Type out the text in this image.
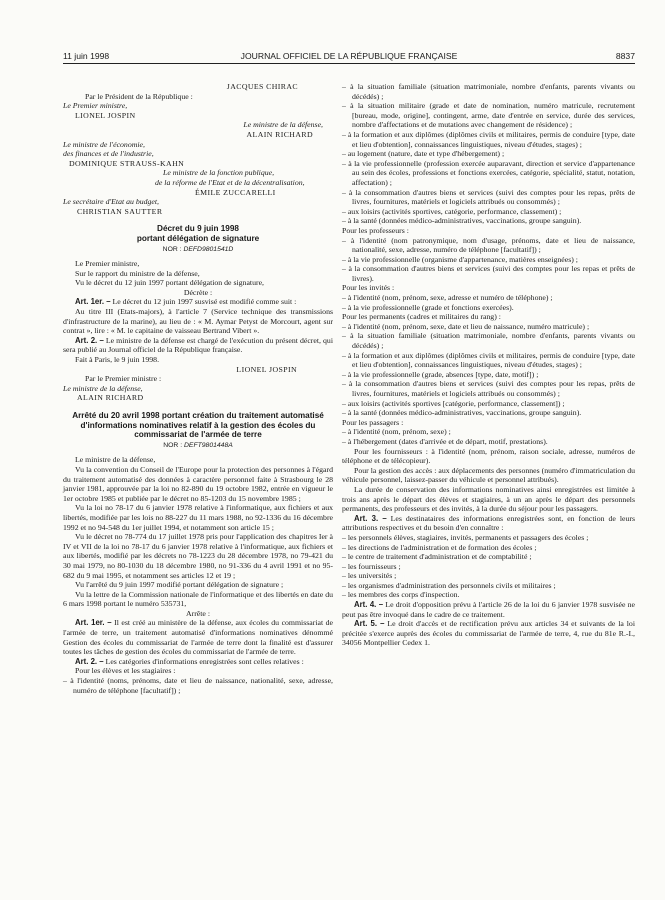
11 juin 1998	JOURNAL OFFICIEL DE LA RÉPUBLIQUE FRANÇAISE	8837

JACQUES CHIRAC

Par le Président de la République :

Le Premier ministre,

LIONEL JOSPIN

Le ministre de la défense,

ALAIN RICHARD

Le ministre de l'économie,

des finances et de l'industrie,

DOMINIQUE STRAUSS-KAHN

Le ministre de la fonction publique,

de la réforme de l'Etat et de la décentralisation,

ÉMILE ZUCCARELLI

Le secrétaire d'Etat au budget,

CHRISTIAN SAUTTER

Décret du 9 juin 1998
portant délégation de signature
NOR : DEFD9801541D

Le Premier ministre,

Sur le rapport du ministre de la défense,

Vu le décret du 12 juin 1997 portant délégation de signature,

Décrète :

Art. 1er. – Le décret du 12 juin 1997 susvisé est modifié comme suit :

Au titre III (Etats-majors), à l'article 7 (Service technique des transmissions d'infrastructure de la marine), au lieu de : « M. Aymar Petyst de Morcourt, agent sur contrat », lire : « M. le capitaine de vaisseau Bertrand Vibert ».

Art. 2. – Le ministre de la défense est chargé de l'exécution du présent décret, qui sera publié au Journal officiel de la République française.

Fait à Paris, le 9 juin 1998.

LIONEL JOSPIN

Par le Premier ministre :

Le ministre de la défense,

ALAIN RICHARD

Arrêté du 20 avril 1998 portant création du traitement automatisé d'informations nominatives relatif à la gestion des écoles du commissariat de l'armée de terre
NOR : DEFT9801448A

Le ministre de la défense,

Vu la convention du Conseil de l'Europe pour la protection des personnes à l'égard du traitement automatisé des données à caractère personnel faite à Strasbourg le 28 janvier 1981, approuvée par la loi no 82-890 du 19 octobre 1982, entrée en vigueur le 1er octobre 1985 et publiée par le décret no 85-1203 du 15 novembre 1985 ;

Vu la loi no 78-17 du 6 janvier 1978 relative à l'informatique, aux fichiers et aux libertés, modifiée par les lois no 88-227 du 11 mars 1988, no 92-1336 du 16 décembre 1992 et no 94-548 du 1er juillet 1994, et notamment son article 15 ;

Vu le décret no 78-774 du 17 juillet 1978 pris pour l'application des chapitres Ier à IV et VII de la loi no 78-17 du 6 janvier 1978 relative à l'informatique, aux fichiers et aux libertés, modifié par les décrets no 78-1223 du 28 décembre 1978, no 79-421 du 30 mai 1979, no 80-1030 du 18 décembre 1980, no 91-336 du 4 avril 1991 et no 95-682 du 9 mai 1995, et notamment ses articles 12 et 19 ;

Vu l'arrêté du 9 juin 1997 modifié portant délégation de signature ;

Vu la lettre de la Commission nationale de l'informatique et des libertés en date du 6 mars 1998 portant le numéro 535731,

Arrête :

Art. 1er. – Il est créé au ministère de la défense, aux écoles du commissariat de l'armée de terre, un traitement automatisé d'informations nominatives dénommé Gestion des écoles du commissariat de l'armée de terre dont la finalité est d'assurer toutes les tâches de gestion des écoles du commissariat de l'armée de terre.

Art. 2. – Les catégories d'informations enregistrées sont celles relatives :

Pour les élèves et les stagiaires :

– à l'identité (noms, prénoms, date et lieu de naissance, nationalité, sexe, adresse, numéro de téléphone [facultatif]) ;

– à la situation familiale (situation matrimoniale, nombre d'enfants, parents vivants ou décédés) ;

– à la situation militaire (grade et date de nomination, numéro matricule, recrutement [bureau, mode, origine], contingent, arme, date d'entrée en service, durée des services, nombre d'affectations et de mutations avec changement de résidence) ;

– à la formation et aux diplômes (diplômes civils et militaires, permis de conduire [type, date et lieu d'obtention], connaissances linguistiques, niveau d'études, stages) ;

– au logement (nature, date et type d'hébergement) ;

– à la vie professionnelle (profession exercée auparavant, direction et service d'appartenance au sein des écoles, professions et fonctions exercées, catégorie, spécialité, statut, notation, affectation) ;

– à la consommation d'autres biens et services (suivi des comptes pour les repas, prêts de livres, fournitures, matériels et logiciels attribués ou consommés) ;

– aux loisirs (activités sportives, catégorie, performance, classement) ;

– à la santé (données médico-administratives, vaccinations, groupe sanguin).

Pour les professeurs :

– à l'identité (nom patronymique, nom d'usage, prénoms, date et lieu de naissance, nationalité, sexe, adresse, numéro de téléphone [facultatif]) ;

– à la vie professionnelle (organisme d'appartenance, matières enseignées) ;

– à la consommation d'autres biens et services (suivi des comptes pour les repas et prêts de livres).

Pour les invités :

– à l'identité (nom, prénom, sexe, adresse et numéro de téléphone) ;

– à la vie professionnelle (grade et fonctions exercées).

Pour les permanents (cadres et militaires du rang) :

– à l'identité (nom, prénom, sexe, date et lieu de naissance, numéro matricule) ;

– à la situation familiale (situation matrimoniale, nombre d'enfants, parents vivants ou décédés) ;

– à la formation et aux diplômes (diplômes civils et militaires, permis de conduire [type, date et lieu d'obtention], connaissances linguistiques, niveau d'études, stages) ;

– à la vie professionnelle (grade, absences [type, date, motif]) ;

– à la consommation d'autres biens et services (suivi des comptes pour les repas, prêts de livres, fournitures, matériels et logiciels attribués ou consommés) ;

– aux loisirs (activités sportives [catégorie, performance, classement]) ;

– à la santé (données médico-administratives, vaccinations, groupe sanguin).

Pour les passagers :

– à l'identité (nom, prénom, sexe) ;

– à l'hébergement (dates d'arrivée et de départ, motif, prestations).

Pour les fournisseurs : à l'identité (nom, prénom, raison sociale, adresse, numéros de téléphone et de télécopieur).

Pour la gestion des accès : aux déplacements des personnes (numéro d'immatriculation du véhicule personnel, laissez-passer du véhicule et personnel attribués).

La durée de conservation des informations nominatives ainsi enregistrées est limitée à trois ans après le départ des élèves et stagiaires, à un an après le départ des personnels permanents, des professeurs et des invités, à la durée du séjour pour les passagers.

Art. 3. – Les destinataires des informations enregistrées sont, en fonction de leurs attributions respectives et du besoin d'en connaître :

– les personnels élèves, stagiaires, invités, permanents et passagers des écoles ;

– les directions de l'administration et de formation des écoles ;

– le centre de traitement d'administration et de comptabilité ;

– les fournisseurs ;

– les universités ;

– les organismes d'administration des personnels civils et militaires ;

– les membres des corps d'inspection.

Art. 4. – Le droit d'opposition prévu à l'article 26 de la loi du 6 janvier 1978 susvisée ne peut pas être invoqué dans le cadre de ce traitement.

Art. 5. – Le droit d'accès et de rectification prévu aux articles 34 et suivants de la loi précitée s'exerce auprès des écoles du commissariat de l'armée de terre, 4, rue du 81e R.-I., 34056 Montpellier Cedex 1.
